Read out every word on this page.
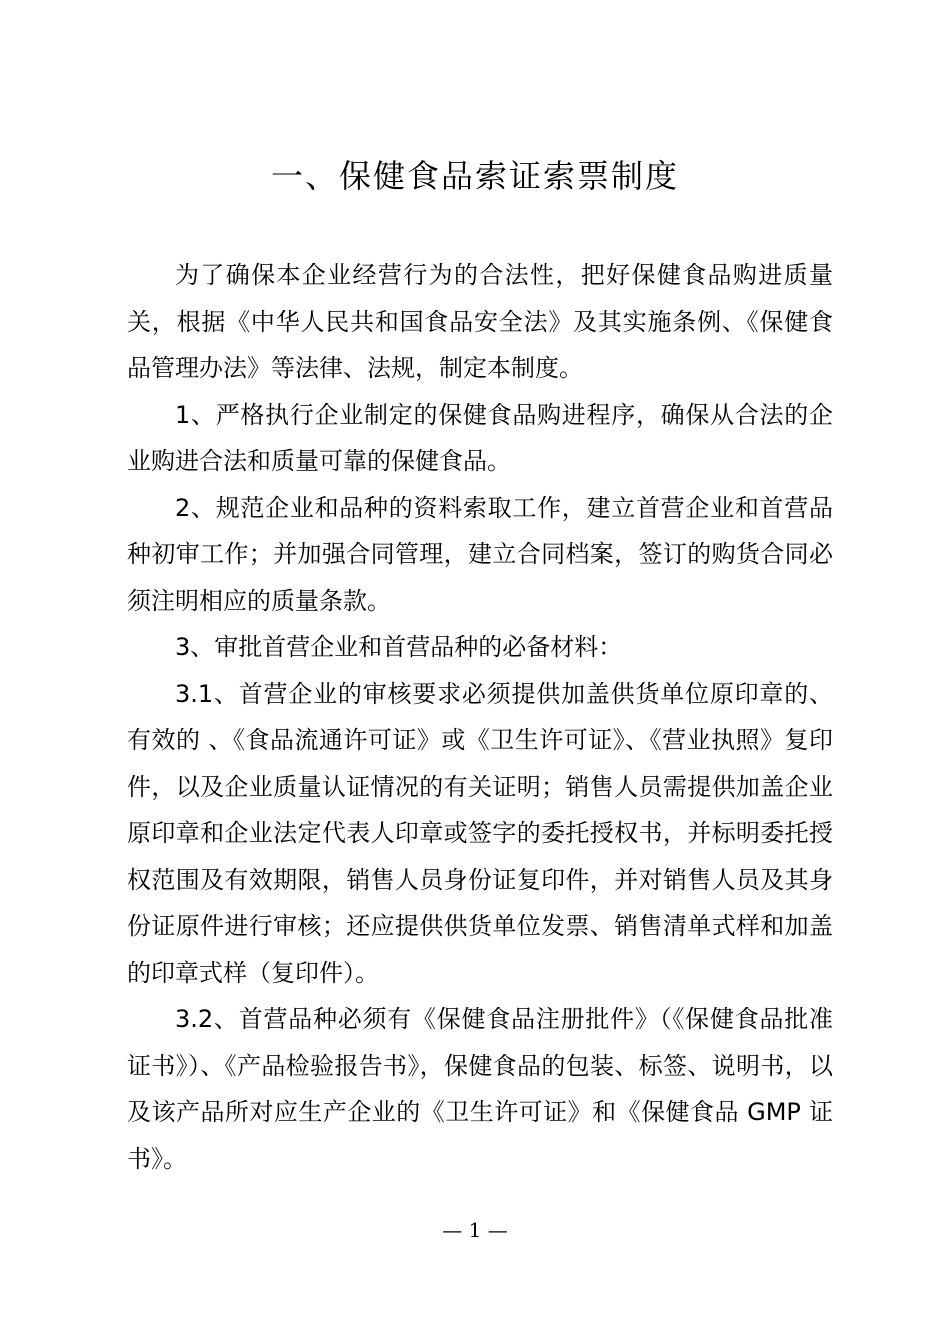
一、保健食品索证索票制度

为了确保本企业经营行为的合法性，把好保健食品购进质量关，根据《中华人民共和国食品安全法》及其实施条例、《保健食品管理办法》等法律、法规，制定本制度。

1、严格执行企业制定的保健食品购进程序，确保从合法的企业购进合法和质量可靠的保健食品。

2、规范企业和品种的资料索取工作，建立首营企业和首营品种初审工作；并加强合同管理，建立合同档案，签订的购货合同必须注明相应的质量条款。

3、审批首营企业和首营品种的必备材料：

3.1、首营企业的审核要求必须提供加盖供货单位原印章的、有效的 、《食品流通许可证》或《卫生许可证》、《营业执照》复印件，以及企业质量认证情况的有关证明；销售人员需提供加盖企业原印章和企业法定代表人印章或签字的委托授权书，并标明委托授权范围及有效期限，销售人员身份证复印件，并对销售人员及其身份证原件进行审核；还应提供供货单位发票、销售清单式样和加盖的印章式样（复印件）。

3.2、首营品种必须有《保健食品注册批件》（《保健食品批准证书》）、《产品检验报告书》，保健食品的包装、标签、说明书，以及该产品所对应生产企业的《卫生许可证》和《保健食品 GMP 证书》。

— 1 —
